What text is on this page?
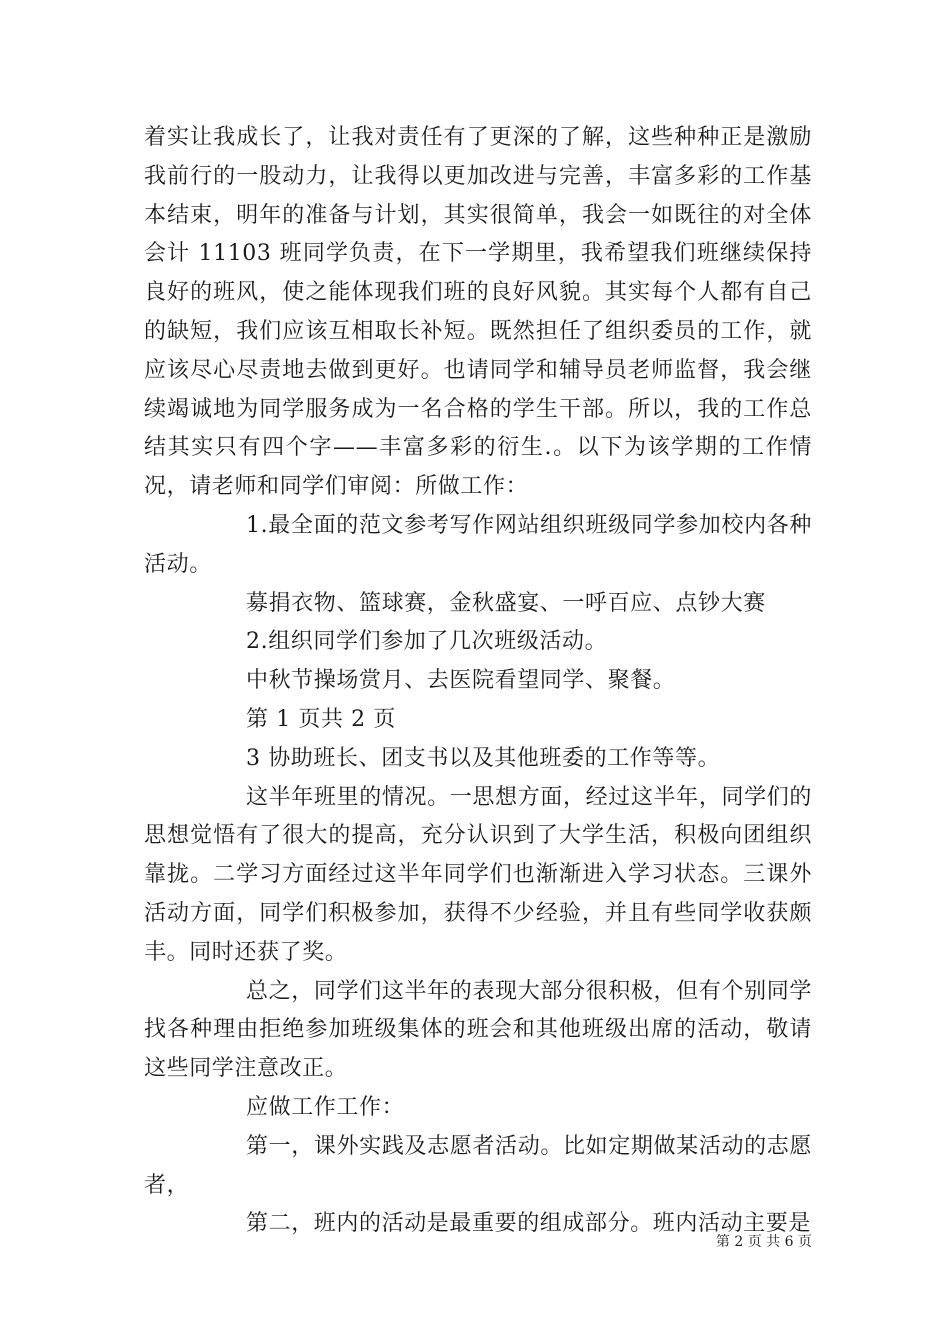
着实让我成长了，让我对责任有了更深的了解，这些种种正是激励我前行的一股动力，让我得以更加改进与完善，丰富多彩的工作基本结束，明年的准备与计划，其实很简单，我会一如既往的对全体会计 11103 班同学负责，在下一学期里，我希望我们班继续保持良好的班风，使之能体现我们班的良好风貌。其实每个人都有自己的缺短，我们应该互相取长补短。既然担任了组织委员的工作，就应该尽心尽责地去做到更好。也请同学和辅导员老师监督，我会继续竭诚地为同学服务成为一名合格的学生干部。所以，我的工作总结其实只有四个字——丰富多彩的衍生.。以下为该学期的工作情况，请老师和同学们审阅：所做工作：

1.最全面的范文参考写作网站组织班级同学参加校内各种活动。

募捐衣物、篮球赛，金秋盛宴、一呼百应、点钞大赛

2.组织同学们参加了几次班级活动。

中秋节操场赏月、去医院看望同学、聚餐。

第 1 页共 2 页

3 协助班长、团支书以及其他班委的工作等等。

这半年班里的情况。一思想方面，经过这半年，同学们的思想觉悟有了很大的提高，充分认识到了大学生活，积极向团组织靠拢。二学习方面经过这半年同学们也渐渐进入学习状态。三课外活动方面，同学们积极参加，获得不少经验，并且有些同学收获颇丰。同时还获了奖。

总之，同学们这半年的表现大部分很积极，但有个别同学找各种理由拒绝参加班级集体的班会和其他班级出席的活动，敬请这些同学注意改正。

应做工作工作：

第一，课外实践及志愿者活动。比如定期做某活动的志愿者，

第二，班内的活动是最重要的组成部分。班内活动主要是

第 2 页 共 6 页
